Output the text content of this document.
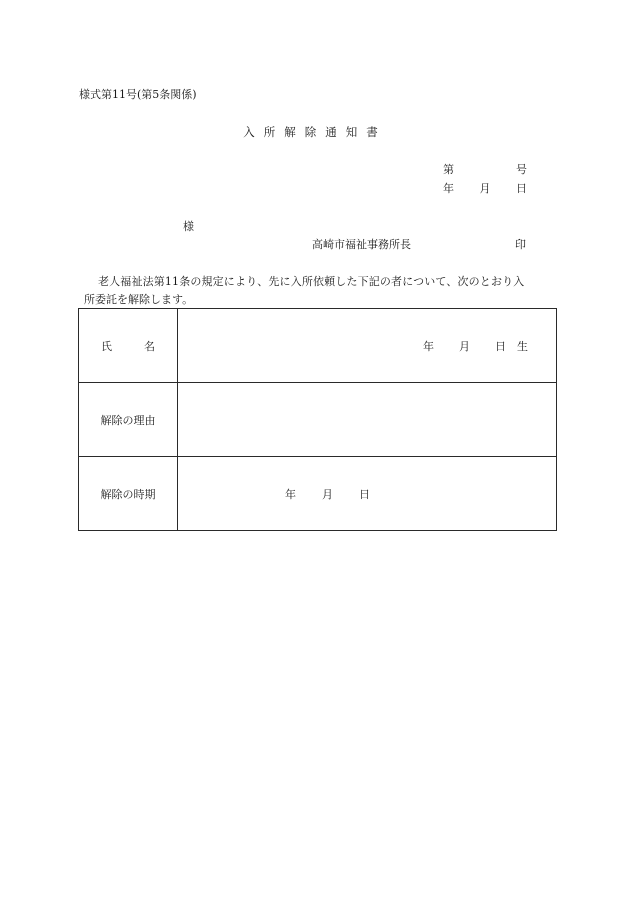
様式第11号(第5条関係)
入所解除通知書
第	号
年 月 日
様
高崎市福祉事務所長	印
老人福祉法第11条の規定により、先に入所依頼した下記の者について、次のとおり入
所委託を解除します。
氏 名	年 月 日 生

解除の理由	
解除の時期	年 月 日
